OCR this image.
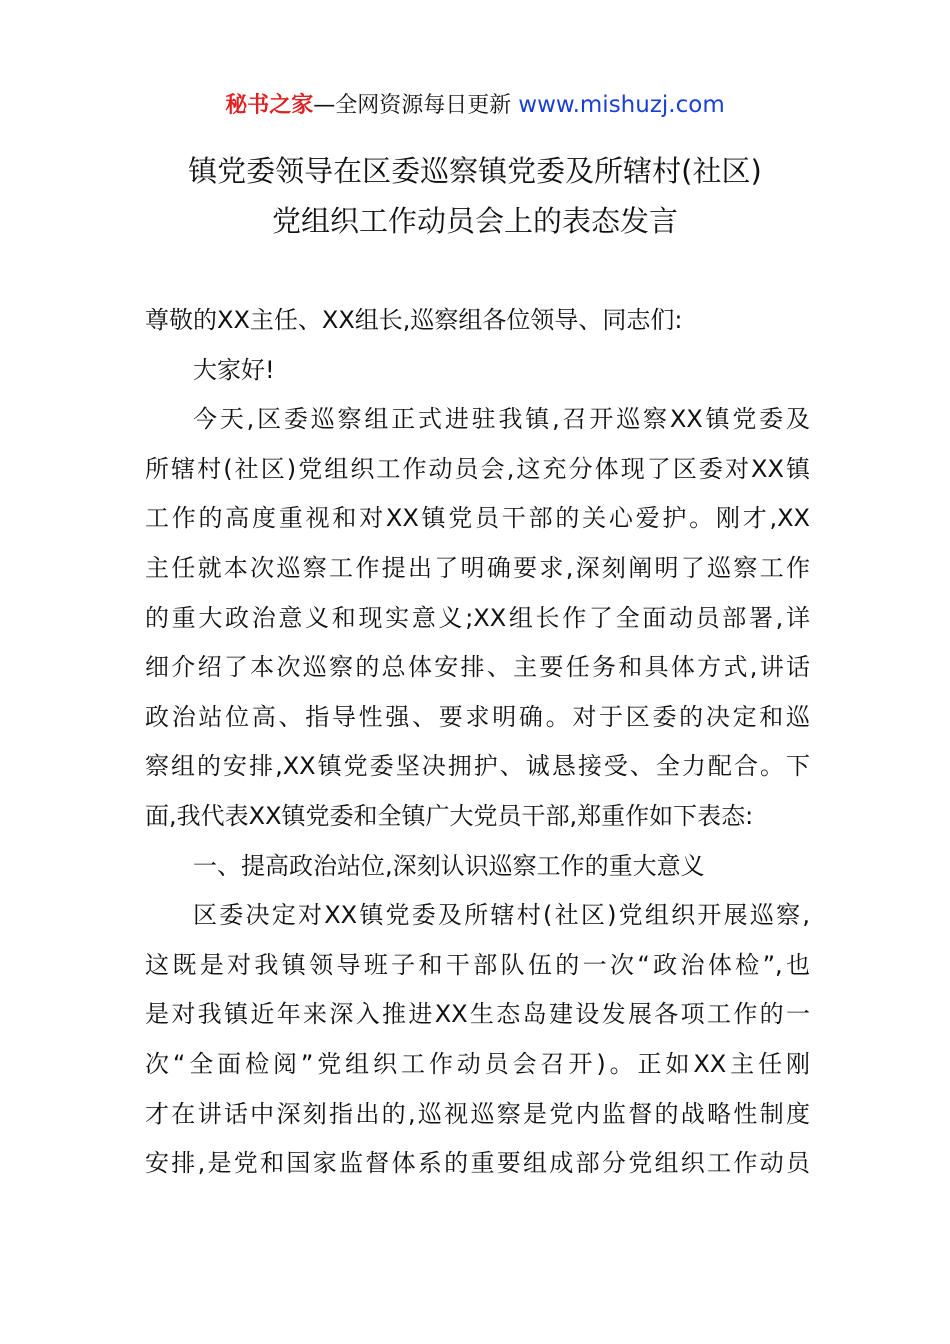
秘书之家—全网资源每日更新 www.mishuzj.com
镇党委领导在区委巡察镇党委及所辖村(社区)
党组织工作动员会上的表态发言
尊敬的XX主任、XX组长,巡察组各位领导、同志们:
大家好!
今天,区委巡察组正式进驻我镇,召开巡察XX镇党委及
所辖村(社区)党组织工作动员会,这充分体现了区委对XX镇
工作的高度重视和对XX镇党员干部的关心爱护。刚才,XX
主任就本次巡察工作提出了明确要求,深刻阐明了巡察工作
的重大政治意义和现实意义;XX组长作了全面动员部署,详
细介绍了本次巡察的总体安排、主要任务和具体方式,讲话
政治站位高、指导性强、要求明确。对于区委的决定和巡
察组的安排,XX镇党委坚决拥护、诚恳接受、全力配合。下
面,我代表XX镇党委和全镇广大党员干部,郑重作如下表态:
一、提高政治站位,深刻认识巡察工作的重大意义
区委决定对XX镇党委及所辖村(社区)党组织开展巡察,
这既是对我镇领导班子和干部队伍的一次“政治体检”,也
是对我镇近年来深入推进XX生态岛建设发展各项工作的一
次“全面检阅”党组织工作动员会召开)。正如XX主任刚
才在讲话中深刻指出的,巡视巡察是党内监督的战略性制度
安排,是党和国家监督体系的重要组成部分党组织工作动员
